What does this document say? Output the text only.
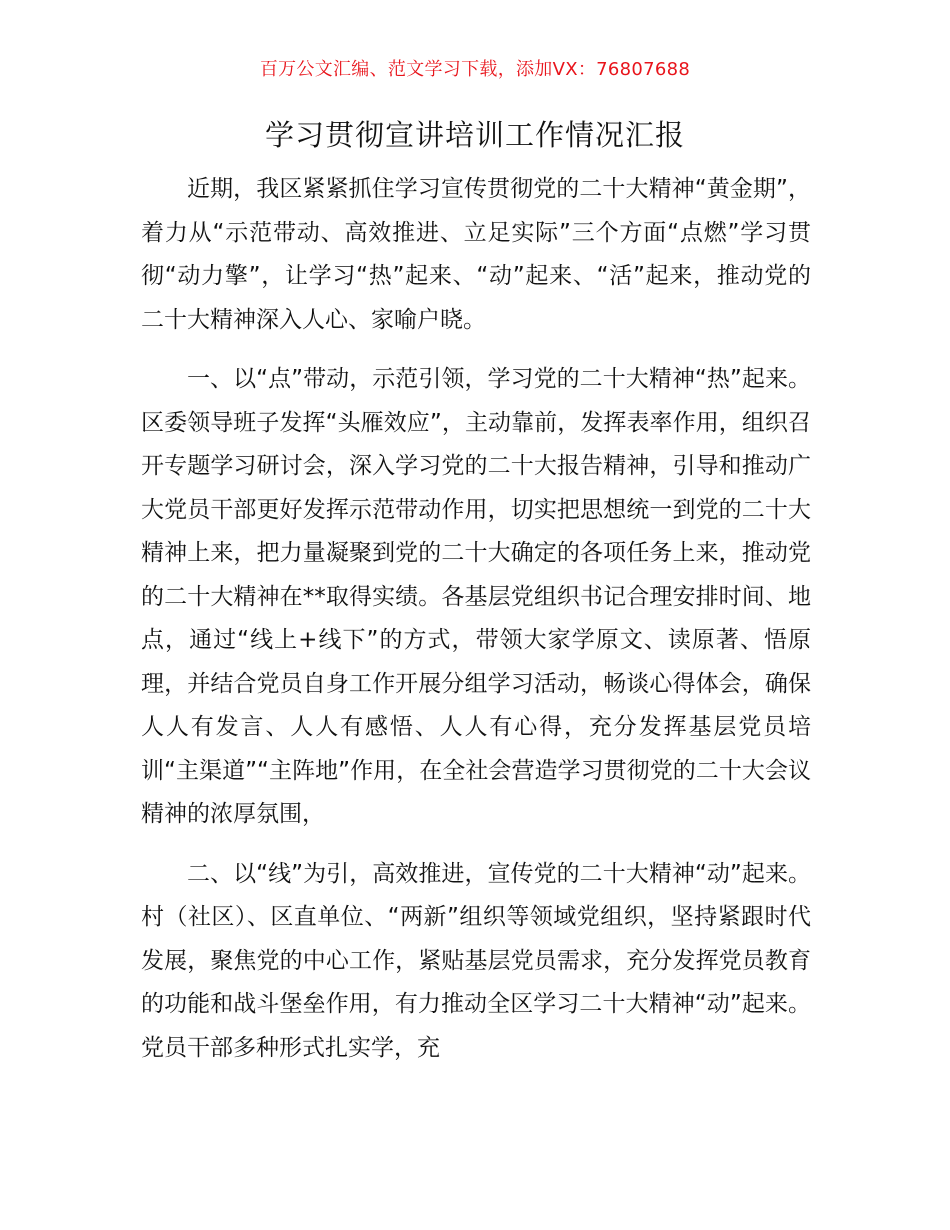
百万公文汇编、范文学习下载，添加VX：76807688
学习贯彻宣讲培训工作情况汇报

近期，我区紧紧抓住学习宣传贯彻党的二十大精神“黄金期”，着力从“示范带动、高效推进、立足实际”三个方面“点燃”学习贯彻“动力擎”，让学习“热”起来、“动”起来、“活”起来，推动党的二十大精神深入人心、家喻户晓。

一、以“点”带动，示范引领，学习党的二十大精神“热”起来。区委领导班子发挥“头雁效应”，主动靠前，发挥表率作用，组织召开专题学习研讨会，深入学习党的二十大报告精神，引导和推动广大党员干部更好发挥示范带动作用，切实把思想统一到党的二十大精神上来，把力量凝聚到党的二十大确定的各项任务上来，推动党的二十大精神在**取得实绩。各基层党组织书记合理安排时间、地点，通过“线上+线下”的方式，带领大家学原文、读原著、悟原理，并结合党员自身工作开展分组学习活动，畅谈心得体会，确保人人有发言、人人有感悟、人人有心得，充分发挥基层党员培训“主渠道”“主阵地”作用，在全社会营造学习贯彻党的二十大会议精神的浓厚氛围，

二、以“线”为引，高效推进，宣传党的二十大精神“动”起来。村（社区）、区直单位、“两新”组织等领域党组织，坚持紧跟时代发展，聚焦党的中心工作，紧贴基层党员需求，充分发挥党员教育的功能和战斗堡垒作用，有力推动全区学习二十大精神“动”起来。党员干部多种形式扎实学，充
